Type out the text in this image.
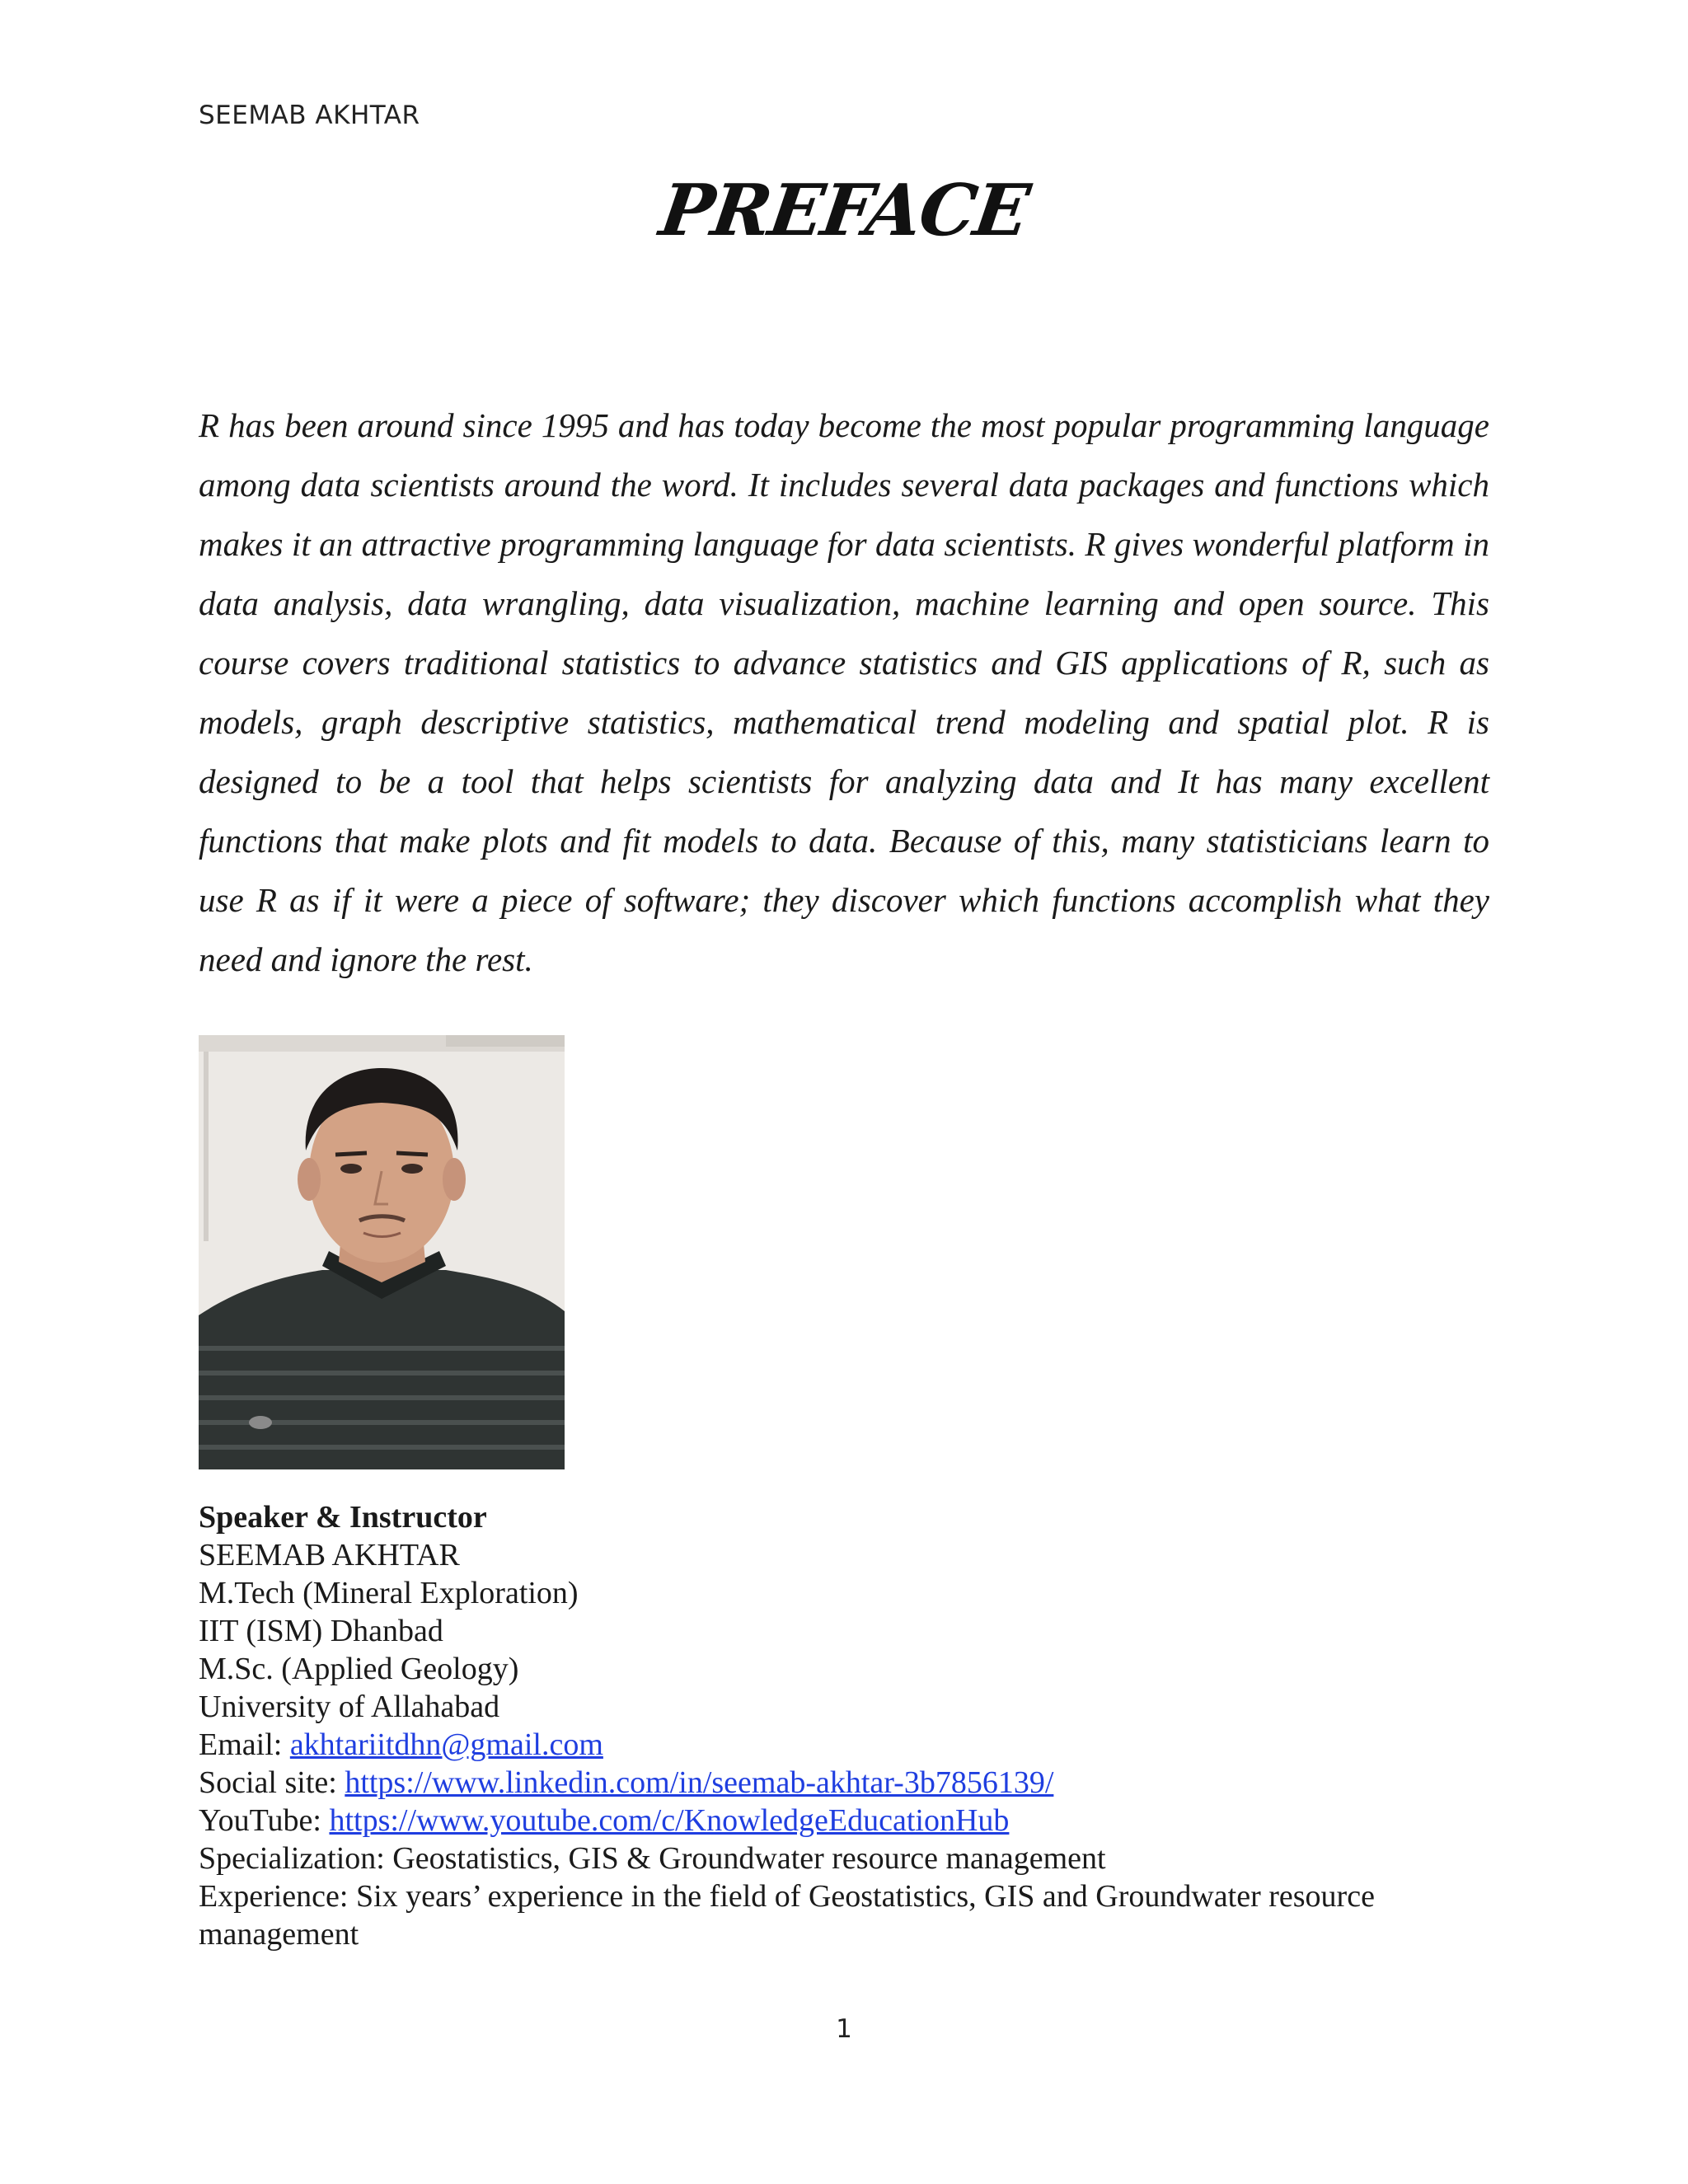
SEEMAB AKHTAR
PREFACE

R has been around since 1995 and has today become the most popular programming language among data scientists around the word. It includes several data packages and functions which makes it an attractive programming language for data scientists. R gives wonderful platform in data analysis, data wrangling, data visualization, machine learning and open source. This course covers traditional statistics to advance statistics and GIS applications of R, such as models, graph descriptive statistics, mathematical trend modeling and spatial plot. R is designed to be a tool that helps scientists for analyzing data and It has many excellent functions that make plots and fit models to data. Because of this, many statisticians learn to use R as if it were a piece of software; they discover which functions accomplish what they need and ignore the rest.

Speaker & Instructor
SEEMAB AKHTAR
M.Tech (Mineral Exploration)
IIT (ISM) Dhanbad
M.Sc. (Applied Geology)
University of Allahabad
Email: akhtariitdhn@gmail.com
Social site: https://www.linkedin.com/in/seemab-akhtar-3b7856139/
YouTube: https://www.youtube.com/c/KnowledgeEducationHub
Specialization: Geostatistics, GIS & Groundwater resource management
Experience: Six years’ experience in the field of Geostatistics, GIS and Groundwater resource management
1
